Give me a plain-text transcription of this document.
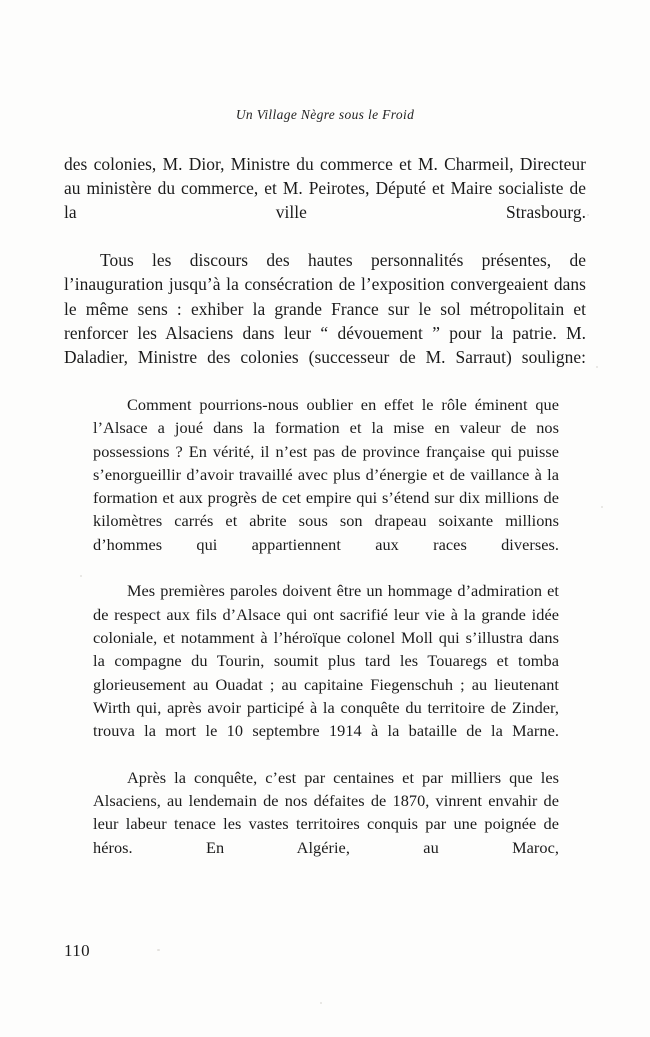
Un Village Nègre sous le Froid

des colonies, M. Dior, Ministre du commerce et M. Charmeil, Directeur au ministère du commerce, et M. Peirotes, Député et Maire socialiste de la ville Strasbourg.

Tous les discours des hautes personnalités présentes, de l’inauguration jusqu’à la consécration de l’exposition convergeaient dans le même sens : exhiber la grande France sur le sol métropolitain et renforcer les Alsaciens dans leur “ dévouement ” pour la patrie. M. Daladier, Ministre des colonies (successeur de M. Sarraut) souligne:

Comment pourrions-nous oublier en effet le rôle éminent que l’Alsace a joué dans la formation et la mise en valeur de nos possessions ? En vérité, il n’est pas de province française qui puisse s’enorgueillir d’avoir travaillé avec plus d’énergie et de vaillance à la formation et aux progrès de cet empire qui s’étend sur dix millions de kilomètres carrés et abrite sous son drapeau soixante millions d’hommes qui appartiennent aux races diverses.

Mes premières paroles doivent être un hommage d’admiration et de respect aux fils d’Alsace qui ont sacrifié leur vie à la grande idée coloniale, et notamment à l’héroïque colonel Moll qui s’illustra dans la compagne du Tourin, soumit plus tard les Touaregs et tomba glorieusement au Ouadat ; au capitaine Fiegenschuh ; au lieutenant Wirth qui, après avoir participé à la conquête du territoire de Zinder, trouva la mort le 10 septembre 1914 à la bataille de la Marne.

Après la conquête, c’est par centaines et par milliers que les Alsaciens, au lendemain de nos défaites de 1870, vinrent envahir de leur labeur tenace les vastes territoires conquis par une poignée de héros. En Algérie, au Maroc,

110
